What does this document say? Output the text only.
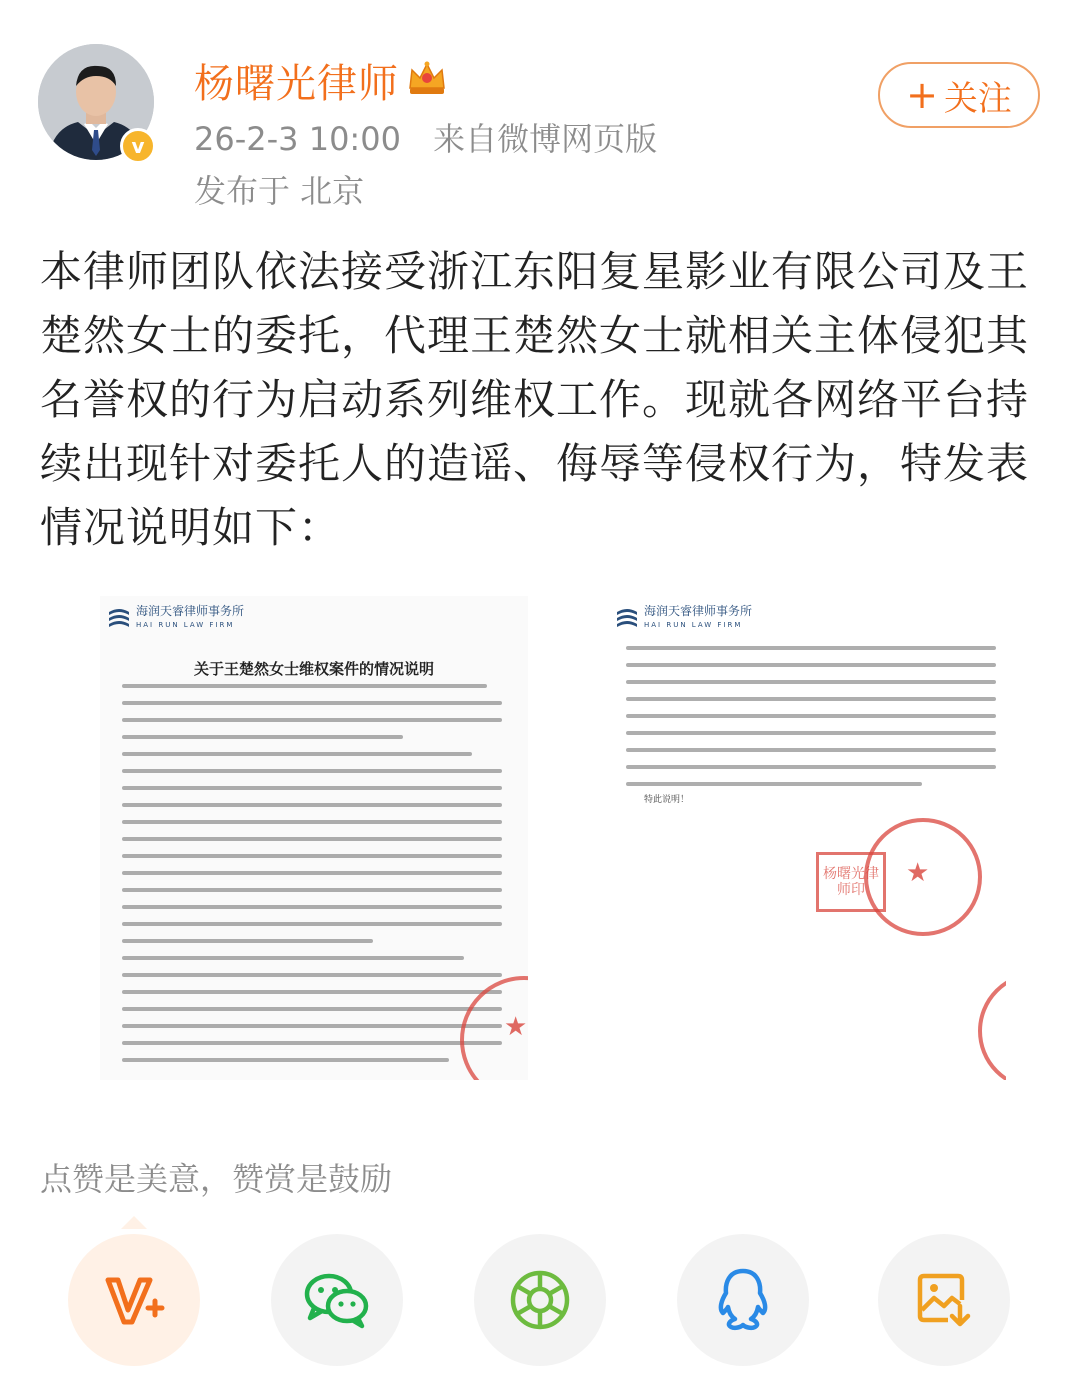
v
杨曙光律师
26-2-3 10:00 来自微博网页版
发布于 北京
+ 关注
本律师团队依法接受浙江东阳复星影业有限公司及王楚然女士的委托，代理王楚然女士就相关主体侵犯其名誉权的行为启动系列维权工作。现就各网络平台持续出现针对委托人的造谣、侮辱等侵权行为，特发表情况说明如下：
海润天睿律师事务所
HAI RUN LAW FIRM
关于王楚然女士维权案件的情况说明
★
海润天睿律师事务所
HAI RUN LAW FIRM
特此说明！
杨曙光律师印
★
点赞是美意，赞赏是鼓励
